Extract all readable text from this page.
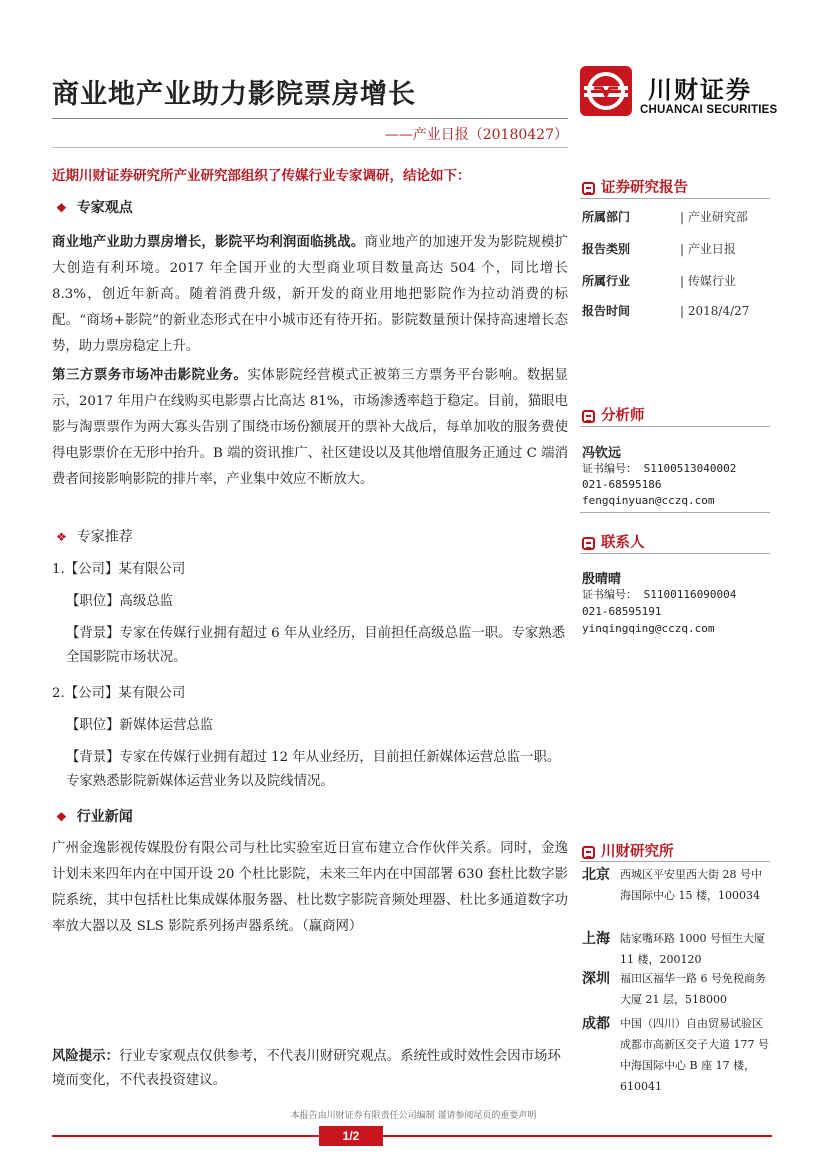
商业地产业助力影院票房增长
——产业日报（20180427）
川财证券
CHUANCAI SECURITIES
近期川财证券研究所产业研究部组织了传媒行业专家调研，结论如下：
❖ 专家观点
商业地产业助力票房增长，影院平均利润面临挑战。商业地产的加速开发为影院规模扩大创造有利环境。2017 年全国开业的大型商业项目数量高达 504 个，同比增长 8.3%，创近年新高。随着消费升级，新开发的商业用地把影院作为拉动消费的标配。“商场+影院”的新业态形式在中小城市还有待开拓。影院数量预计保持高速增长态势，助力票房稳定上升。
第三方票务市场冲击影院业务。实体影院经营模式正被第三方票务平台影响。数据显示，2017 年用户在线购买电影票占比高达 81%，市场渗透率趋于稳定。目前，猫眼电影与淘票票作为两大寡头告别了围绕市场份额展开的票补大战后，每单加收的服务费使得电影票价在无形中抬升。B 端的资讯推广、社区建设以及其他增值服务正通过 C 端消费者间接影响影院的排片率，产业集中效应不断放大。
❖ 专家推荐
1.【公司】某有限公司
【职位】高级总监
【背景】专家在传媒行业拥有超过 6 年从业经历，目前担任高级总监一职。专家熟悉全国影院市场状况。
2.【公司】某有限公司
【职位】新媒体运营总监
【背景】专家在传媒行业拥有超过 12 年从业经历，目前担任新媒体运营总监一职。专家熟悉影院新媒体运营业务以及院线情况。
❖ 行业新闻
广州金逸影视传媒股份有限公司与杜比实验室近日宣布建立合作伙伴关系。同时，金逸计划未来四年内在中国开设 20 个杜比影院，未来三年内在中国部署 630 套杜比数字影院系统，其中包括杜比集成媒体服务器、杜比数字影院音频处理器、杜比多通道数字功率放大器以及 SLS 影院系列扬声器系统。（赢商网）
风险提示：行业专家观点仅供参考，不代表川财研究观点。系统性或时效性会因市场环境而变化，不代表投资建议。
本报告由川财证券有限责任公司编制 谨请参阅尾页的重要声明
1/2
证券研究报告
所属部门	| 产业研究部
报告类别	| 产业日报
所属行业	| 传媒行业
报告时间	| 2018/4/27
分析师
冯钦远
证书编号： S1100513040002
021-68595186
fengqinyuan@cczq.com
联系人
殷晴晴
证书编号： S1100116090004
021-68595191
yinqingqing@cczq.com
川财研究所
北京 西城区平安里西大街 28 号中海国际中心 15 楼，100034
上海 陆家嘴环路 1000 号恒生大厦 11 楼，200120
深圳 福田区福华一路 6 号免税商务大厦 21 层，518000
成都 中国（四川）自由贸易试验区成都市高新区交子大道 177 号中海国际中心 B 座 17 楼，610041
